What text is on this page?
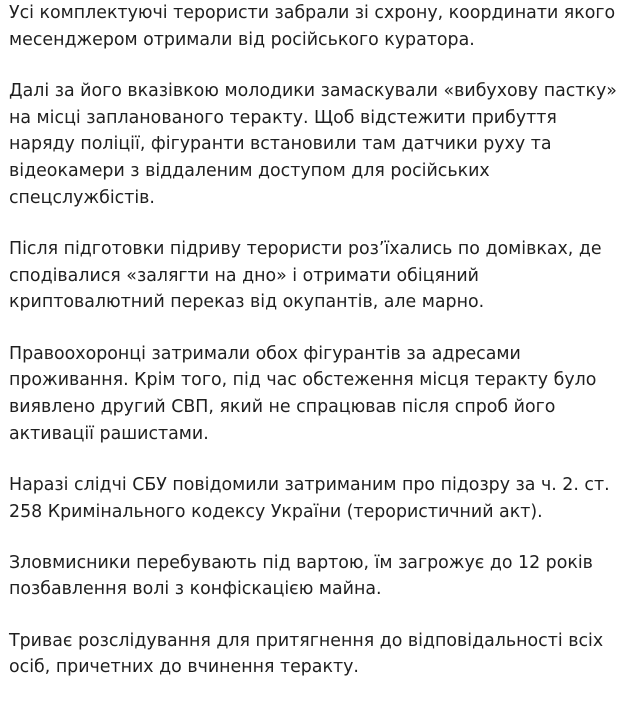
Усі комплектуючі терористи забрали зі схрону, координати якого
месенджером отримали від російського куратора.

Далі за його вказівкою молодики замаскували «вибухову пастку»
на місці запланованого теракту. Щоб відстежити прибуття
наряду поліції, фігуранти встановили там датчики руху та
відеокамери з віддаленим доступом для російських
спецслужбістів.

Після підготовки підриву терористи роз’їхались по домівках, де
сподівалися «залягти на дно» і отримати обіцяний
криптовалютний переказ від окупантів, але марно.

Правоохоронці затримали обох фігурантів за адресами
проживання. Крім того, під час обстеження місця теракту було
виявлено другий СВП, який не спрацював після спроб його
активації рашистами.

Наразі слідчі СБУ повідомили затриманим про підозру за ч. 2. ст.
258 Кримінального кодексу України (терористичний акт).

Зловмисники перебувають під вартою, їм загрожує до 12 років
позбавлення волі з конфіскацією майна.

Триває розслідування для притягнення до відповідальності всіх
осіб, причетних до вчинення теракту.
